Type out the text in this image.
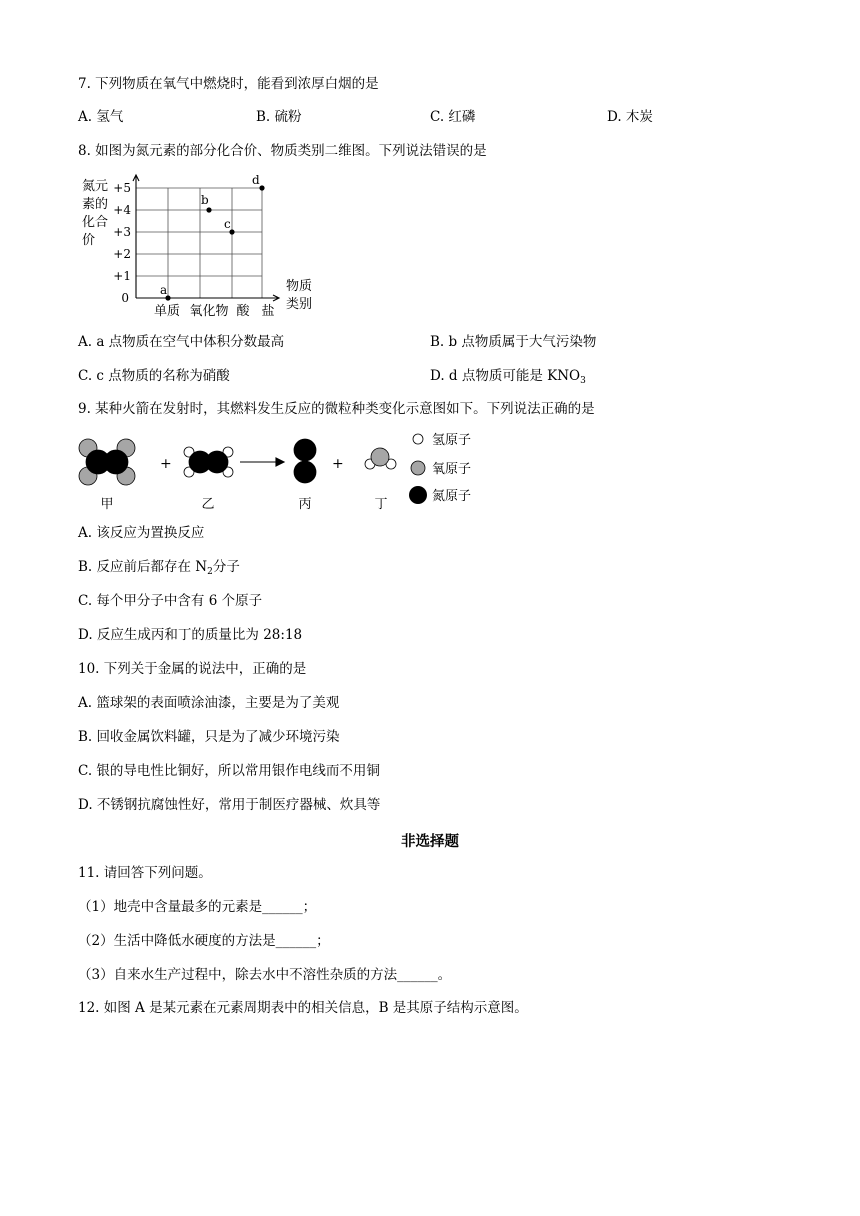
7. 下列物质在氧气中燃烧时，能看到浓厚白烟的是
A. 氢气	B. 硫粉	C. 红磷	D. 木炭
8. 如图为氮元素的部分化合价、物质类别二维图。下列说法错误的是
氮元
素的
化合
价
+5
+4
+3
+2
+1
0
单质 氧化物 酸 盐
物质
类别
a
b
c
d
A. a 点物质在空气中体积分数最高	B. b 点物质属于大气污染物
C. c 点物质的名称为硝酸	D. d 点物质可能是 $KNO_3$
9. 某种火箭在发射时，其燃料发生反应的微粒种类变化示意图如下。下列说法正确的是
+	+
甲	乙	丙	丁
氢原子
氧原子
氮原子
A. 该反应为置换反应
B. 反应前后都存在 $N_2$分子
C. 每个甲分子中含有 6 个原子
D. 反应生成丙和丁的质量比为 28:18
10. 下列关于金属的说法中，正确的是
A. 篮球架的表面喷涂油漆，主要是为了美观
B. 回收金属饮料罐，只是为了减少环境污染
C. 银的导电性比铜好，所以常用银作电线而不用铜
D. 不锈钢抗腐蚀性好，常用于制医疗器械、炊具等
非选择题
11. 请回答下列问题。
（1）地壳中含量最多的元素是______；
（2）生活中降低水硬度的方法是______；
（3）自来水生产过程中，除去水中不溶性杂质的方法______。
12. 如图 A 是某元素在元素周期表中的相关信息，B 是其原子结构示意图。
